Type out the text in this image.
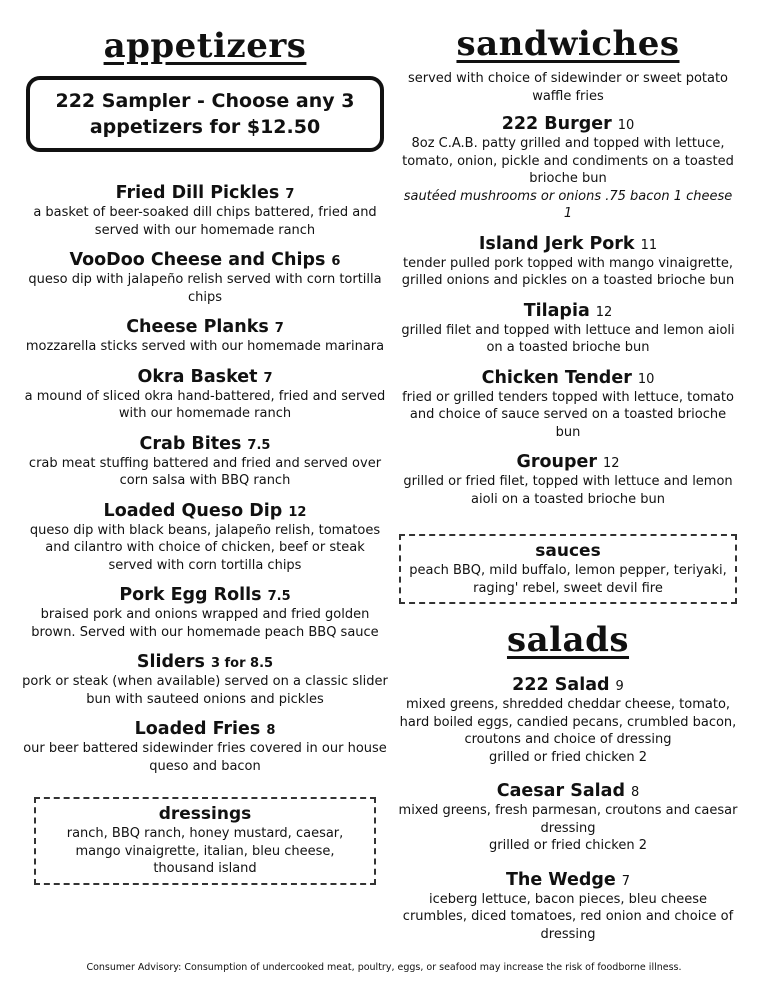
appetizers
222 Sampler - Choose any 3 appetizers for $12.50
Fried Dill Pickles 7
a basket of beer-soaked dill chips battered, fried and served with our homemade ranch
VooDoo Cheese and Chips 6
queso dip with jalapeño relish served with corn tortilla chips
Cheese Planks 7
mozzarella sticks served with our homemade marinara
Okra Basket 7
a mound of sliced okra hand-battered, fried and served with our homemade ranch
Crab Bites 7.5
crab meat stuffing battered and fried and served over corn salsa with BBQ ranch
Loaded Queso Dip 12
queso dip with black beans, jalapeño relish, tomatoes and cilantro with choice of chicken, beef or steak served with corn tortilla chips
Pork Egg Rolls 7.5
braised pork and onions wrapped and fried golden brown. Served with our homemade peach BBQ sauce
Sliders 3 for 8.5
pork or steak (when available) served on a classic slider bun with sauteed onions and pickles
Loaded Fries 8
our beer battered sidewinder fries covered in our house queso and bacon
dressings
ranch, BBQ ranch, honey mustard, caesar, mango vinaigrette, italian, bleu cheese, thousand island
sandwiches
served with choice of sidewinder or sweet potato waffle fries
222 Burger 10
8oz C.A.B. patty grilled and topped with lettuce, tomato, onion, pickle and condiments on a toasted brioche bun
sautéed mushrooms or onions .75 bacon 1 cheese 1
Island Jerk Pork 11
tender pulled pork topped with mango vinaigrette, grilled onions and pickles on a toasted brioche bun
Tilapia 12
grilled filet and topped with lettuce and lemon aioli on a toasted brioche bun
Chicken Tender 10
fried or grilled tenders topped with lettuce, tomato and choice of sauce served on a toasted brioche bun
Grouper 12
grilled or fried filet, topped with lettuce and lemon aioli on a toasted brioche bun
sauces
peach BBQ, mild buffalo, lemon pepper, teriyaki, raging' rebel, sweet devil fire
salads
222 Salad 9
mixed greens, shredded cheddar cheese, tomato, hard boiled eggs, candied pecans, crumbled bacon, croutons and choice of dressing
grilled or fried chicken 2
Caesar Salad 8
mixed greens, fresh parmesan, croutons and caesar dressing
grilled or fried chicken 2
The Wedge 7
iceberg lettuce, bacon pieces, bleu cheese crumbles, diced tomatoes, red onion and choice of dressing
Consumer Advisory: Consumption of undercooked meat, poultry, eggs, or seafood may increase the risk of foodborne illness.
